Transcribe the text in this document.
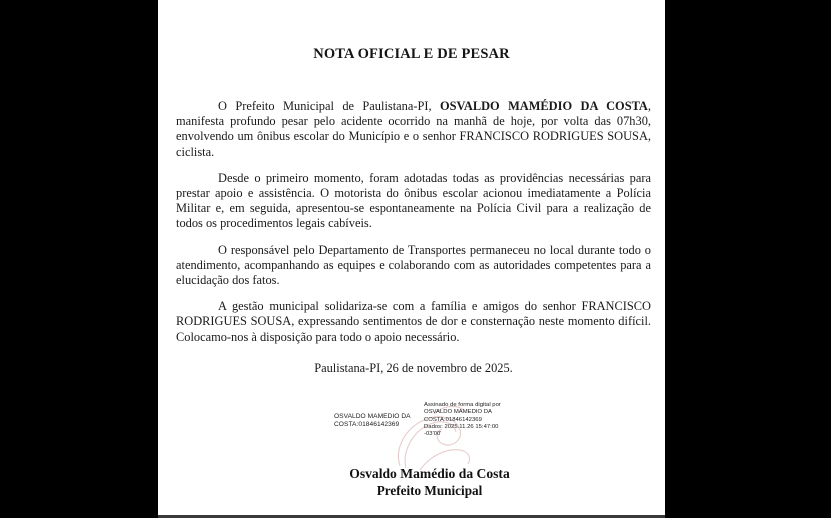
NOTA OFICIAL E DE PESAR

O Prefeito Municipal de Paulistana-PI, OSVALDO MAMÉDIO DA COSTA, manifesta profundo pesar pelo acidente ocorrido na manhã de hoje, por volta das 07h30, envolvendo um ônibus escolar do Município e o senhor FRANCISCO RODRIGUES SOUSA, ciclista.

Desde o primeiro momento, foram adotadas todas as providências necessárias para prestar apoio e assistência. O motorista do ônibus escolar acionou imediatamente a Polícia Militar e, em seguida, apresentou-se espontaneamente na Polícia Civil para a realização de todos os procedimentos legais cabíveis.

O responsável pelo Departamento de Transportes permaneceu no local durante todo o atendimento, acompanhando as equipes e colaborando com as autoridades competentes para a elucidação dos fatos.

A gestão municipal solidariza-se com a família e amigos do senhor FRANCISCO RODRIGUES SOUSA, expressando sentimentos de dor e consternação neste momento difícil. Colocamo-nos à disposição para todo o apoio necessário.

Paulistana-PI, 26 de novembro de 2025.
OSVALDO MAMEDIO DA
COSTA:01846142369
Assinado de forma digital por
OSVALDO MAMEDIO DA
COSTA:01846142369
Dados: 2025.11.26 15:47:00
-03'00'
Osvaldo Mamédio da Costa
Prefeito Municipal
